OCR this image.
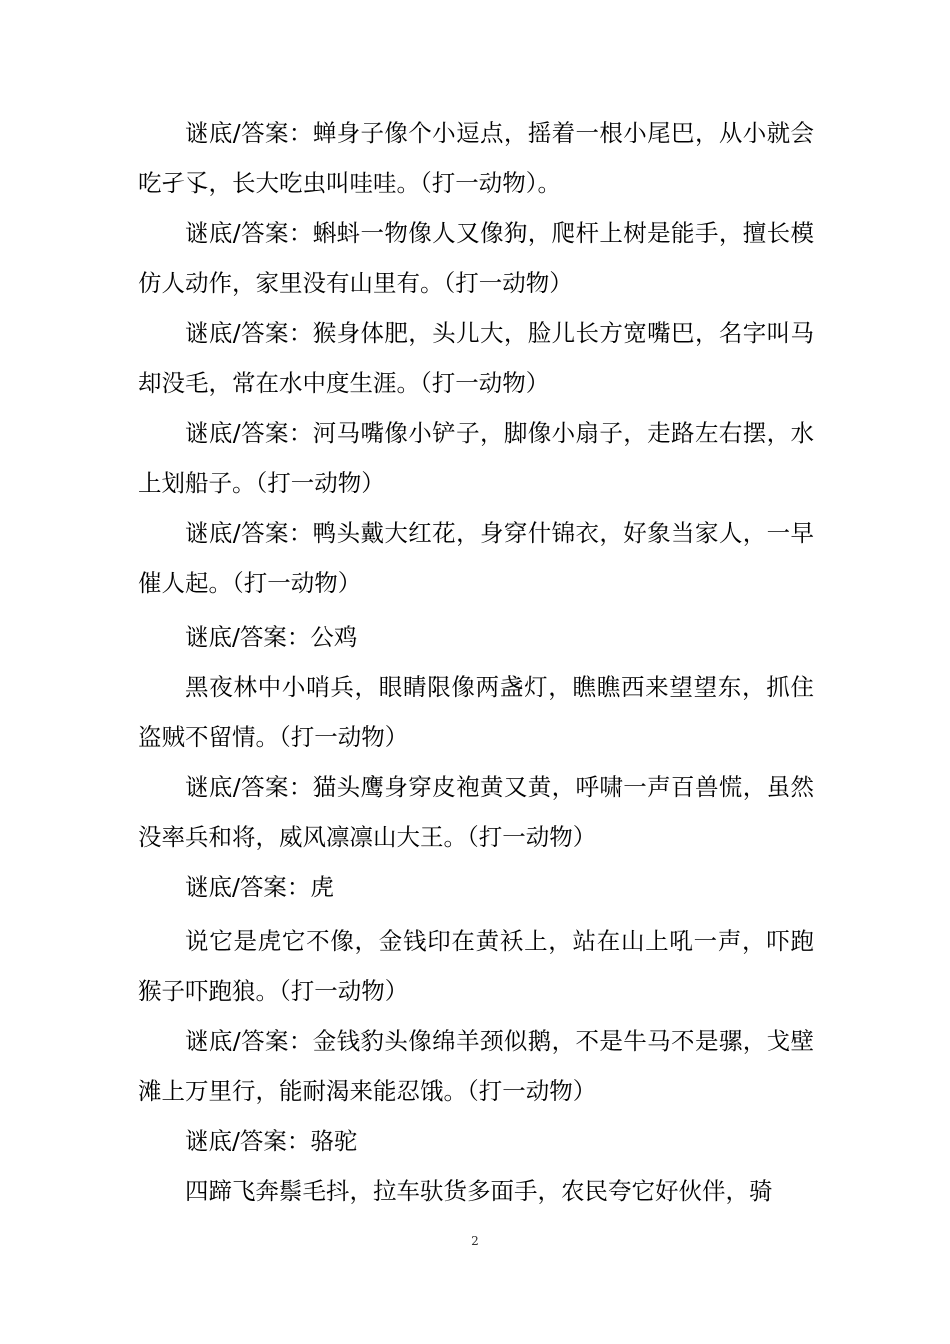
谜底/答案：蝉身子像个小逗点，摇着一根小尾巴，从小就会吃孑孓，长大吃虫叫哇哇。（打一动物）。

谜底/答案：蝌蚪一物像人又像狗，爬杆上树是能手，擅长模仿人动作，家里没有山里有。（打一动物）

谜底/答案：猴身体肥，头儿大，脸儿长方宽嘴巴，名字叫马却没毛，常在水中度生涯。（打一动物）

谜底/答案：河马嘴像小铲子，脚像小扇子，走路左右摆，水上划船子。（打一动物）

谜底/答案：鸭头戴大红花，身穿什锦衣，好象当家人，一早催人起。（打一动物）

谜底/答案：公鸡

黑夜林中小哨兵，眼睛限像两盏灯，瞧瞧西来望望东，抓住盗贼不留情。（打一动物）

谜底/答案：猫头鹰身穿皮袍黄又黄，呼啸一声百兽慌，虽然没率兵和将，威风凛凛山大王。（打一动物）

谜底/答案：虎

说它是虎它不像，金钱印在黄袄上，站在山上吼一声，吓跑猴子吓跑狼。（打一动物）

谜底/答案：金钱豹头像绵羊颈似鹅，不是牛马不是骡，戈壁滩上万里行，能耐渴来能忍饿。（打一动物）

谜底/答案：骆驼

四蹄飞奔鬃毛抖，拉车驮货多面手，农民夸它好伙伴，骑

2
